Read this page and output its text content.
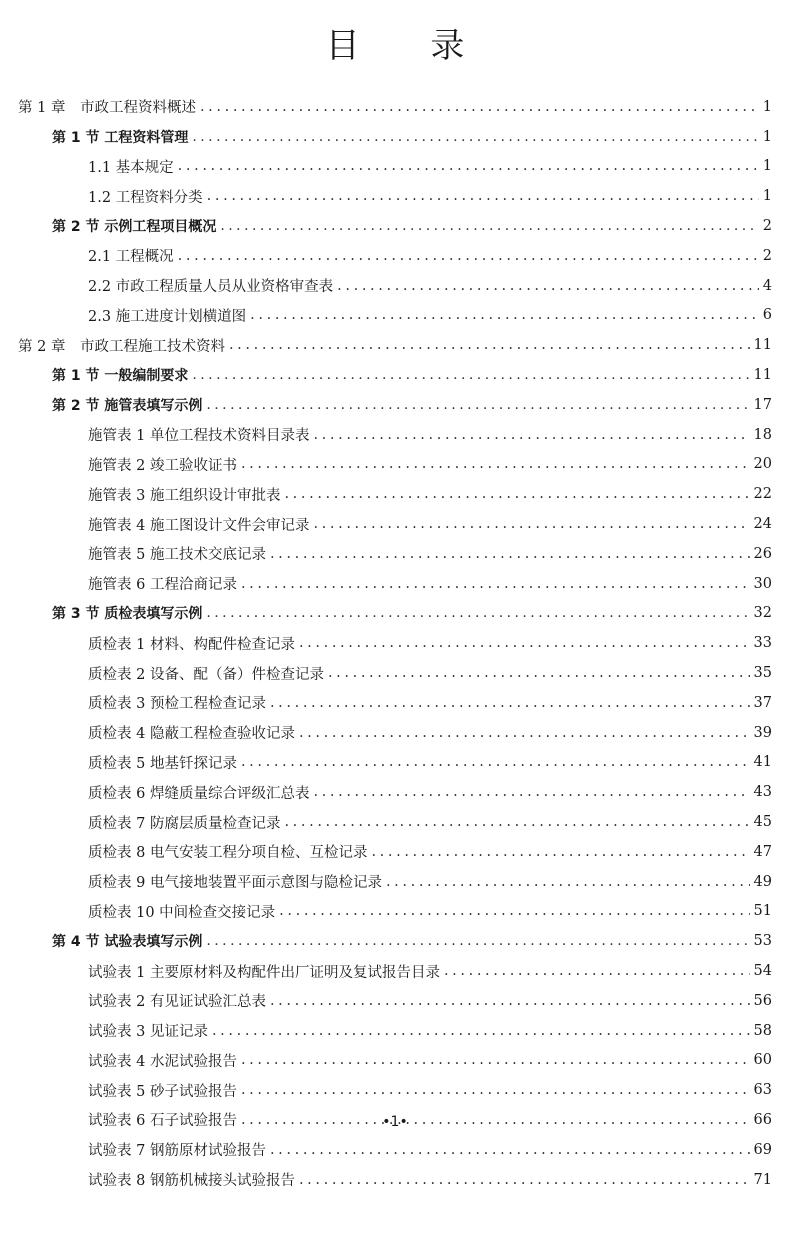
目 录
第 1 章　市政工程资料概述 . . .	1
第 1 节 工程资料管理 . . .	1
1.1 基本规定 . . .	1
1.2 工程资料分类 . . .	1
第 2 节 示例工程项目概况 . . .	2
2.1 工程概况 . . .	2
2.2 市政工程质量人员从业资格审查表 . . .	4
2.3 施工进度计划横道图 . . .	6
第 2 章　市政工程施工技术资料 . . .	11
第 1 节 一般编制要求 . . .	11
第 2 节 施管表填写示例 . . .	17
施管表 1 单位工程技术资料目录表 . . .	18
施管表 2 竣工验收证书 . . .	20
施管表 3 施工组织设计审批表 . . .	22
施管表 4 施工图设计文件会审记录 . . .	24
施管表 5 施工技术交底记录 . . .	26
施管表 6 工程洽商记录 . . .	30
第 3 节 质检表填写示例 . . .	32
质检表 1 材料、构配件检查记录 . . .	33
质检表 2 设备、配（备）件检查记录 . . .	35
质检表 3 预检工程检查记录 . . .	37
质检表 4 隐蔽工程检查验收记录 . . .	39
质检表 5 地基钎探记录 . . .	41
质检表 6 焊缝质量综合评级汇总表 . . .	43
质检表 7 防腐层质量检查记录 . . .	45
质检表 8 电气安装工程分项自检、互检记录 . . .	47
质检表 9 电气接地装置平面示意图与隐检记录 . . .	49
质检表 10 中间检查交接记录 . . .	51
第 4 节 试验表填写示例 . . .	53
试验表 1 主要原材料及构配件出厂证明及复试报告目录 . . .	54
试验表 2 有见证试验汇总表 . . .	56
试验表 3 见证记录 . . .	58
试验表 4 水泥试验报告 . . .	60
试验表 5 砂子试验报告 . . .	63
试验表 6 石子试验报告 . . .	66
试验表 7 钢筋原材试验报告 . . .	69
试验表 8 钢筋机械接头试验报告 . . .	71
•1•
